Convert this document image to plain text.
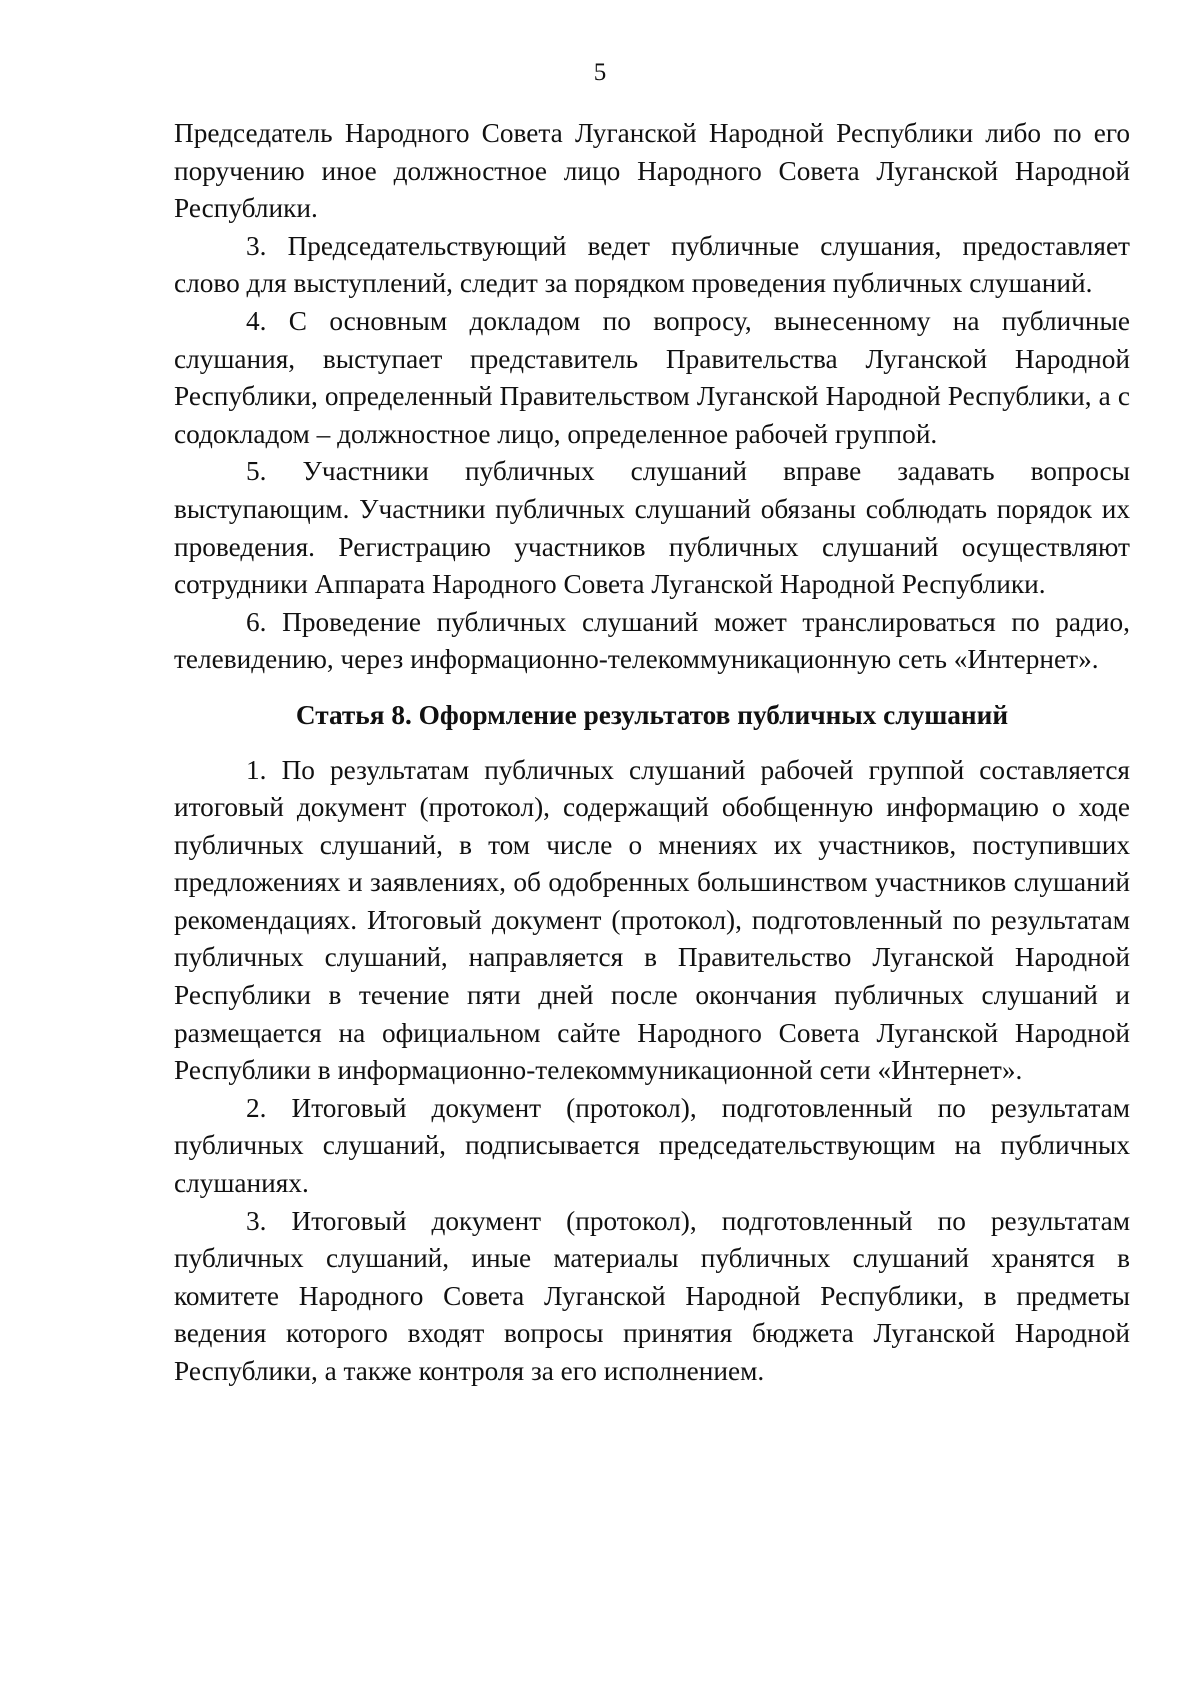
5

Председатель Народного Совета Луганской Народной Республики либо по его поручению иное должностное лицо Народного Совета Луганской Народной Республики.

3. Председательствующий ведет публичные слушания, предоставляет слово для выступлений, следит за порядком проведения публичных слушаний.

4. С основным докладом по вопросу, вынесенному на публичные слушания, выступает представитель Правительства Луганской Народной Республики, определенный Правительством Луганской Народной Республики, а с содокладом – должностное лицо, определенное рабочей группой.

5. Участники публичных слушаний вправе задавать вопросы выступающим. Участники публичных слушаний обязаны соблюдать порядок их проведения. Регистрацию участников публичных слушаний осуществляют сотрудники Аппарата Народного Совета Луганской Народной Республики.

6. Проведение публичных слушаний может транслироваться по радио, телевидению, через информационно-телекоммуникационную сеть «Интернет».

Статья 8. Оформление результатов публичных слушаний

1. По результатам публичных слушаний рабочей группой составляется итоговый документ (протокол), содержащий обобщенную информацию о ходе публичных слушаний, в том числе о мнениях их участников, поступивших предложениях и заявлениях, об одобренных большинством участников слушаний рекомендациях. Итоговый документ (протокол), подготовленный по результатам публичных слушаний, направляется в Правительство Луганской Народной Республики в течение пяти дней после окончания публичных слушаний и размещается на официальном сайте Народного Совета Луганской Народной Республики в информационно-телекоммуникационной сети «Интернет».

2. Итоговый документ (протокол), подготовленный по результатам публичных слушаний, подписывается председательствующим на публичных слушаниях.

3. Итоговый документ (протокол), подготовленный по результатам публичных слушаний, иные материалы публичных слушаний хранятся в комитете Народного Совета Луганской Народной Республики, в предметы ведения которого входят вопросы принятия бюджета Луганской Народной Республики, а также контроля за его исполнением.
